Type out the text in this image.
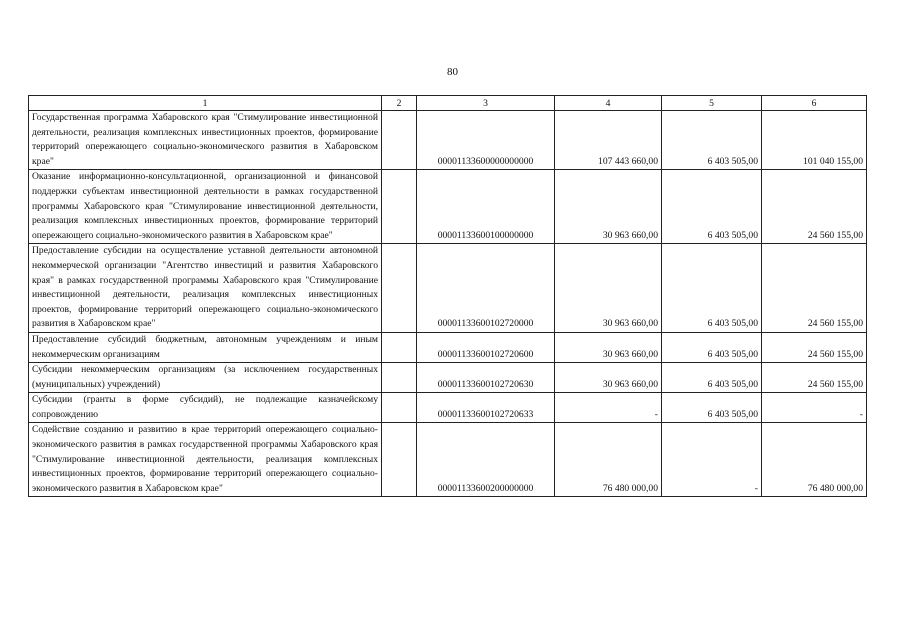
80
1	2	3	4	5	6
Государственная программа Хабаровского края "Стимулирование инвестиционной деятельности, реализация комплексных инвестиционных проектов, формирование территорий опережающего социально-экономического развития в Хабаровском крае"		00001133600000000000	107 443 660,00	6 403 505,00	101 040 155,00
Оказание информационно-консультационной, организационной и финансовой поддержки субъектам инвестиционной деятельности в рамках государственной программы Хабаровского края "Стимулирование инвестиционной деятельности, реализация комплексных инвестиционных проектов, формирование территорий опережающего социально-экономического развития в Хабаровском крае"		00001133600100000000	30 963 660,00	6 403 505,00	24 560 155,00
Предоставление субсидии на осуществление уставной деятельности автономной некоммерческой организации "Агентство инвестиций и развития Хабаровского края" в рамках государственной программы Хабаровского края "Стимулирование инвестиционной деятельности, реализация комплексных инвестиционных проектов, формирование территорий опережающего социально-экономического развития в Хабаровском крае"		00001133600102720000	30 963 660,00	6 403 505,00	24 560 155,00
Предоставление субсидий бюджетным, автономным учреждениям и иным некоммерческим организациям		00001133600102720600	30 963 660,00	6 403 505,00	24 560 155,00
Субсидии некоммерческим организациям (за исключением государственных (муниципальных) учреждений)		00001133600102720630	30 963 660,00	6 403 505,00	24 560 155,00
Субсидии (гранты в форме субсидий), не подлежащие казначейскому сопровождению		00001133600102720633	-	6 403 505,00	-
Содействие созданию и развитию в крае территорий опережающего социально-экономического развития в рамках государственной программы Хабаровского края "Стимулирование инвестиционной деятельности, реализация комплексных инвестиционных проектов, формирование территорий опережающего социально-экономического развития в Хабаровском крае"		00001133600200000000	76 480 000,00	-	76 480 000,00
